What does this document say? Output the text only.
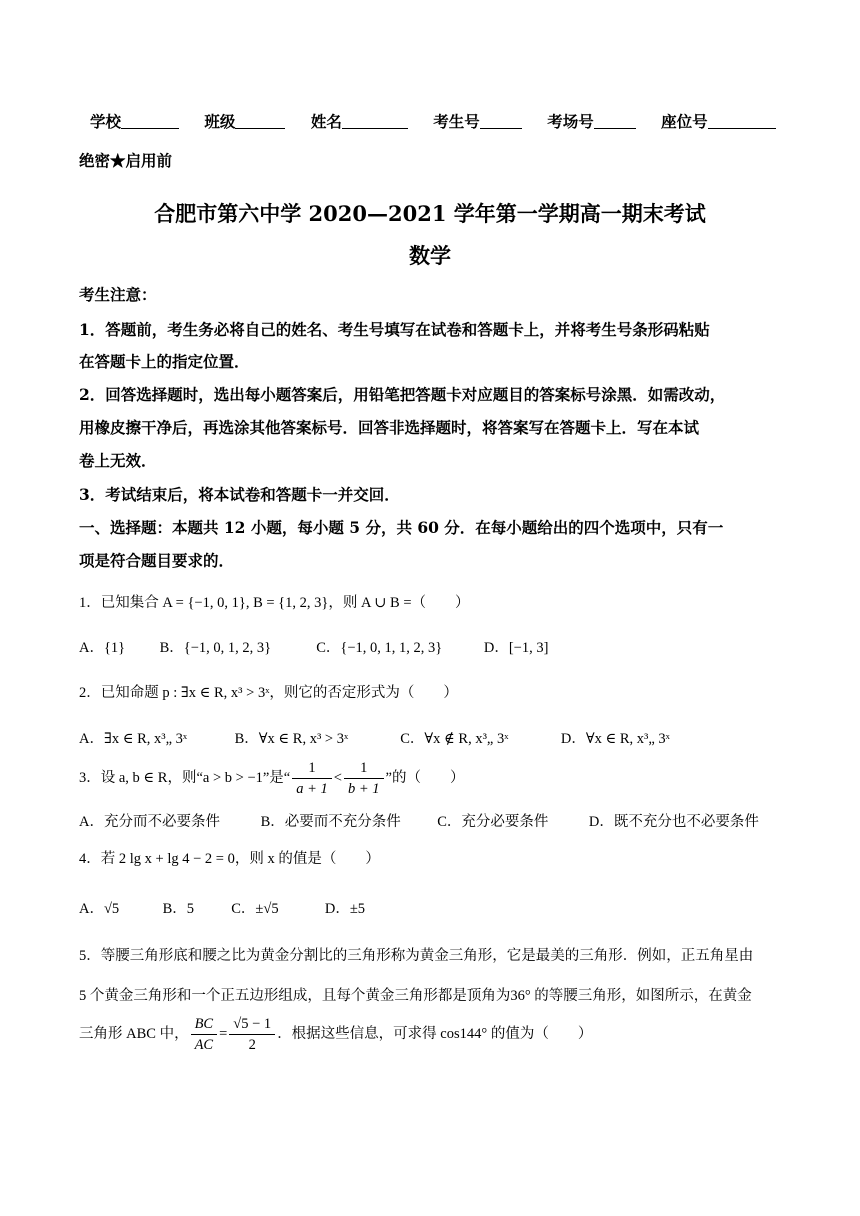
学校	班级	姓名	考生号	考场号	座位号
绝密★启用前
合肥市第六中学 2020—2021 学年第一学期高一期末考试
数学
考生注意：
1．答题前，考生务必将自己的姓名、考生号填写在试卷和答题卡上，并将考生号条形码粘贴
在答题卡上的指定位置．
2．回答选择题时，选出每小题答案后，用铅笔把答题卡对应题目的答案标号涂黑．如需改动，
用橡皮擦干净后，再选涂其他答案标号．回答非选择题时，将答案写在答题卡上．写在本试
卷上无效．
3．考试结束后，将本试卷和答题卡一并交回．
一、选择题：本题共 12 小题，每小题 5 分，共 60 分．在每小题给出的四个选项中，只有一
项是符合题目要求的．
1．已知集合 A = {−1, 0, 1}, B = {1, 2, 3}，则 A ∪ B =（　　）
A．{1} B．{−1, 0, 1, 2, 3}	C．{−1, 0, 1, 1, 2, 3}	D．[−1, 3]
2．已知命题 p : ∃x ∈ R, x³ > 3ˣ，则它的否定形式为（　　）
A．∃x ∈ R, x³„ 3ˣ	B．∀x ∈ R, x³ > 3ˣ	C．∀x ∉ R, x³„ 3ˣ	D．∀x ∈ R, x³„ 3ˣ
3．设 a, b ∈ R，则“a > b > −1”是“ $\frac{1}{a + 1} < \frac{1}{b + 1}$ ”的（　　）
A．充分而不必要条件	B．必要而不充分条件	C．充分必要条件	D．既不充分也不必要条件
4．若 2 lg x + lg 4 − 2 = 0，则 x 的值是（　　）
A．√5	B．5	C．±√5	D．±5
5．等腰三角形底和腰之比为黄金分割比的三角形称为黄金三角形，它是最美的三角形．例如，正五角星由
5 个黄金三角形和一个正五边形组成，且每个黄金三角形都是顶角为36° 的等腰三角形，如图所示，在黄金
三角形 ABC 中， $\frac{BC}{AC} = \frac{√5 - 1}{2}$ ．根据这些信息，可求得 cos144° 的值为（　　）
